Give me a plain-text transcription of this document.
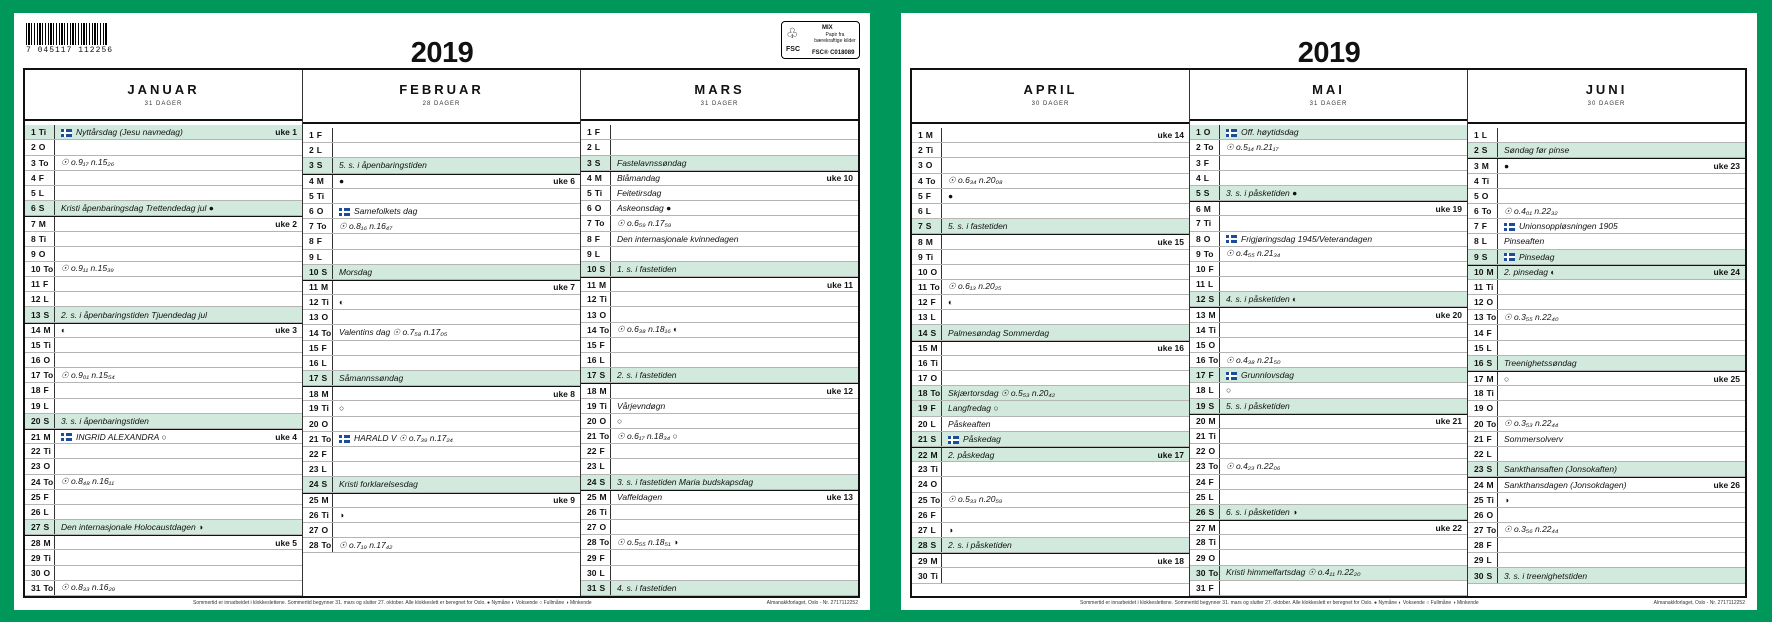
7 045117 112256
♧
FSC
MIX
Papir fra bærekraftige kilder
FSC® C018089
2019
JANUAR
31 DAGER
1 Ti	Nyttårsdag (Jesu navnedag)	uke 1
2 O
3 To	☉ o.9₁₇ n.15₂₆
4 F
5 L
6 S	Kristi åpenbaringsdag Trettendedag jul ●
7 M	uke 2
8 Ti
9 O
10 To ☉ o.9₁₁ n.15₃₉
11 F
12 L
13 S	2. s. i åpenbaringstiden Tjuendedag jul
14 M	◐	uke 3
15 Ti
16 O
17 To ☉ o.9₀₁ n.15₅₄
18 F
19 L
20 S	3. s. i åpenbaringstiden
21 M	INGRID ALEXANDRA ○	uke 4
22 Ti
23 O
24 To ☉ o.8₄₈ n.16₁₁
25 F
26 L
27 S	Den internasjonale Holocaustdagen ◑
28 M	uke 5
29 Ti
30 O
31 To ☉ o.8₃₃ n.16₂₉
FEBRUAR
28 DAGER
1 F
2 L
3 S	5. s. i åpenbaringstiden
4 M	●	uke 6
5 Ti
6 O	Samefolkets dag
7 To	☉ o.8₁₆ n.16₄₇
8 F
9 L
10 S	Morsdag
11 M	uke 7
12 Ti	◐
13 O
14 To Valentins dag ☉ o.7₅₈ n.17₀₅
15 F
16 L
17 S	Såmannssøndag
18 M	uke 8
19 Ti	○
20 O
21 To	HARALD V ☉ o.7₃₉ n.17₂₄
22 F
23 L
24 S	Kristi forklarelsesdag
25 M	uke 9
26 Ti	◑
27 O
28 To ☉ o.7₁₉ n.17₄₂
MARS
31 DAGER
1 F
2 L
3 S	Fastelavnssøndag
4 M	Blåmandag	uke 10
5 Ti	Feitetirsdag
6 O	Askeonsdag ●
7 To	☉ o.6₅₉ n.17₅₉
8 F	Den internasjonale kvinnedagen
9 L
10 S	1. s. i fastetiden
11 M	uke 11
12 Ti
13 O
14 To ☉ o.6₃₈ n.18₁₆ ◐
15 F
16 L
17 S	2. s. i fastetiden
18 M	uke 12
19 Ti	Vårjevndøgn
20 O	○
21 To ☉ o.6₁₇ n.18₃₄ ○
22 F
23 L
24 S	3. s. i fastetiden Maria budskapsdag
25 M	Vaffeldagen	uke 13
26 Ti
27 O
28 To ☉ o.5₅₅ n.18₅₁ ◑
29 F
30 L
31 S	4. s. i fastetiden
Sommertid er innarbeidet i klokkeslettene. Sommertid begynner 31. mars og slutter 27. oktober. Alle klokkeslett er beregnet for Oslo. ● Nymåne ◐ Voksende ○ Fullmåne ◑ Minkende	Almanakkforlaget, Oslo - Nr. 2717112252
2019
APRIL
30 DAGER
1 M	uke 14
2 Ti
3 O
4 To	☉ o.6₃₄ n.20₀₈
5 F	●
6 L
7 S	5. s. i fastetiden
8 M	uke 15
9 Ti
10 O
11 To ☉ o.6₁₃ n.20₂₅
12 F	◐
13 L
14 S	Palmesøndag Sommerdag
15 M	uke 16
16 Ti
17 O
18 To Skjærtorsdag ☉ o.5₅₃ n.20₄₂
19 F	Langfredag ○
20 L	Påskeaften
21 S	Påskedag
22 M	2. påskedag	uke 17
23 Ti
24 O
25 To ☉ o.5₃₃ n.20₅₉
26 F
27 L	◑
28 S	2. s. i påsketiden
29 M	uke 18
30 Ti
MAI
31 DAGER
1 O	Off. høytidsdag
2 To	☉ o.5₁₄ n.21₁₇
3 F
4 L
5 S	3. s. i påsketiden ●
6 M	uke 19
7 Ti
8 O	Frigjøringsdag 1945/Veterandagen
9 To	☉ o.4₅₅ n.21₃₄
10 F
11 L
12 S	4. s. i påsketiden ◐
13 M	uke 20
14 Ti
15 O
16 To ☉ o.4₃₈ n.21₅₀
17 F	Grunnlovsdag
18 L	○
19 S	5. s. i påsketiden
20 M	uke 21
21 Ti
22 O
23 To ☉ o.4₂₃ n.22₀₆
24 F
25 L
26 S	6. s. i påsketiden ◑
27 M	uke 22
28 Ti
29 O
30 To Kristi himmelfartsdag ☉ o.4₁₁ n.22₂₀
31 F
JUNI
30 DAGER
1 L
2 S	Søndag før pinse
3 M	●	uke 23
4 Ti
5 O
6 To	☉ o.4₀₁ n.22₃₂
7 F	Unionsoppløsningen 1905
8 L	Pinseaften
9 S	Pinsedag
10 M	2. pinsedag ◐	uke 24
11 Ti
12 O
13 To ☉ o.3₅₅ n.22₄₀
14 F
15 L
16 S	Treenighetssøndag
17 M	○	uke 25
18 Ti
19 O
20 To ☉ o.3₅₃ n.22₄₄
21 F	Sommersolverv
22 L
23 S	Sankthansaften (Jonsokaften)
24 M	Sankthansdagen (Jonsokdagen)	uke 26
25 Ti	◑
26 O
27 To ☉ o.3₅₆ n.22₄₄
28 F
29 L
30 S	3. s. i treenighetstiden
Sommertid er innarbeidet i klokkeslettene. Sommertid begynner 31. mars og slutter 27. oktober. Alle klokkeslett er beregnet for Oslo. ● Nymåne ◐ Voksende ○ Fullmåne ◑ Minkende	Almanakkforlaget, Oslo - Nr. 2717112252
